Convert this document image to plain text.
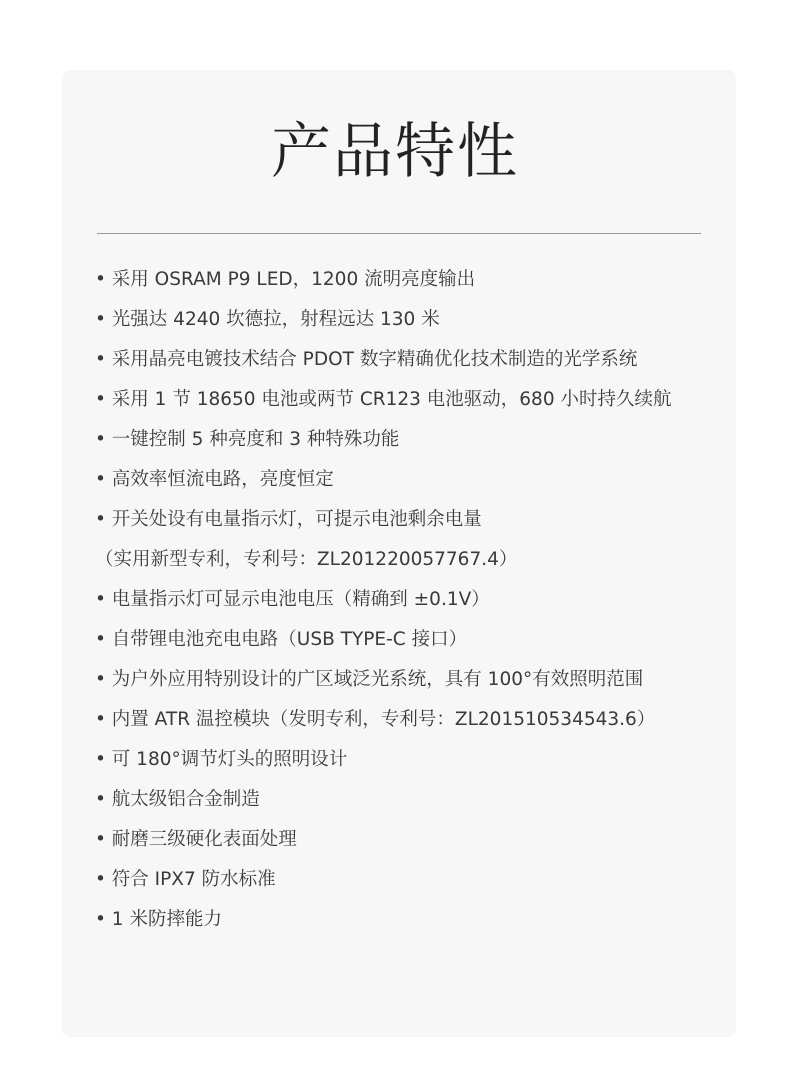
产品特性
• 采用 OSRAM P9 LED，1200 流明亮度输出
• 光强达 4240 坎德拉，射程远达 130 米
• 采用晶亮电镀技术结合 PDOT 数字精确优化技术制造的光学系统
• 采用 1 节 18650 电池或两节 CR123 电池驱动，680 小时持久续航
• 一键控制 5 种亮度和 3 种特殊功能
• 高效率恒流电路，亮度恒定
• 开关处设有电量指示灯，可提示电池剩余电量
（实用新型专利，专利号：ZL201220057767.4）
• 电量指示灯可显示电池电压（精确到 ±0.1V）
• 自带锂电池充电电路（USB TYPE-C 接口）
• 为户外应用特别设计的广区域泛光系统，具有 100°有效照明范围
• 内置 ATR 温控模块（发明专利，专利号：ZL201510534543.6）
• 可 180°调节灯头的照明设计
• 航太级铝合金制造
• 耐磨三级硬化表面处理
• 符合 IPX7 防水标准
• 1 米防摔能力
